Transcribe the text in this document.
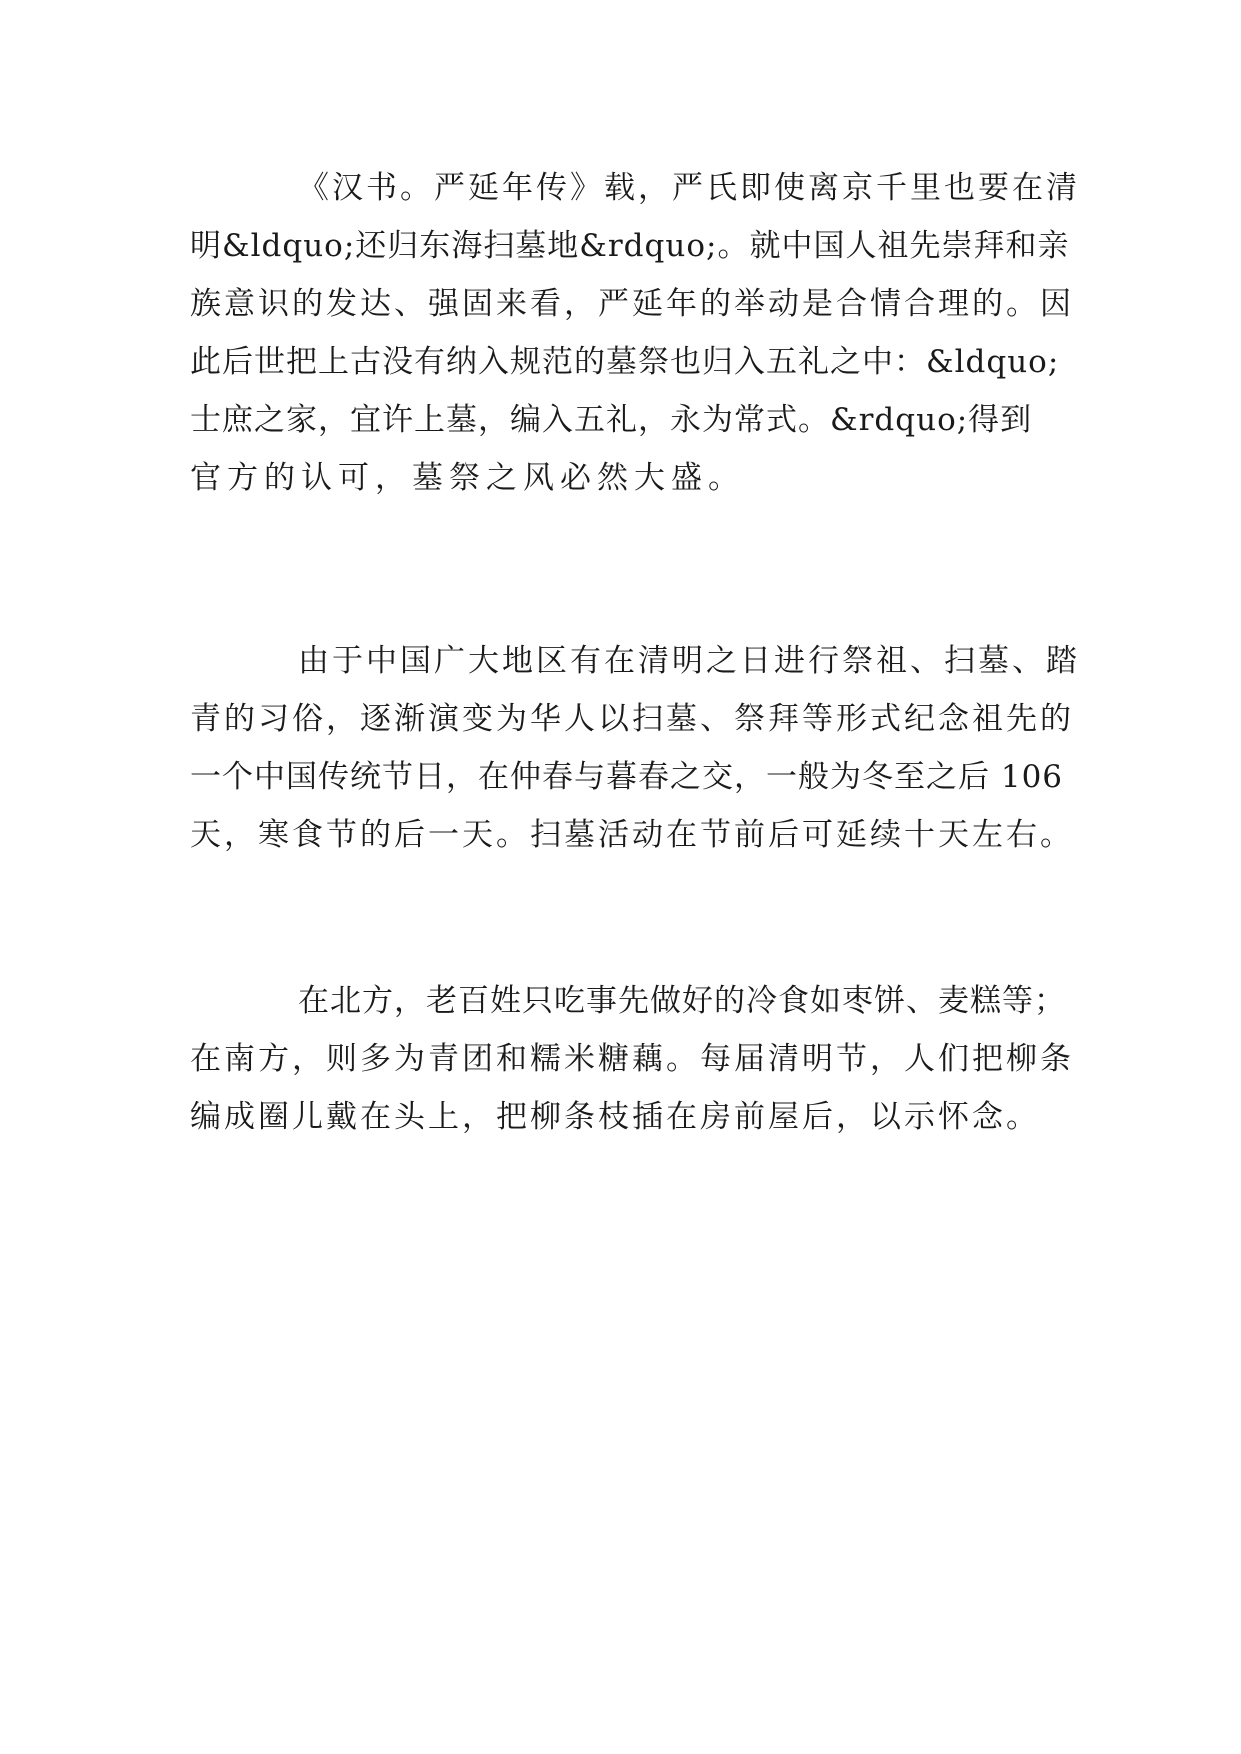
《汉书。严延年传》载，严氏即使离京千里也要在清
明&ldquo;还归东海扫墓地&rdquo;。就中国人祖先崇拜和亲
族意识的发达、强固来看，严延年的举动是合情合理的。因
此后世把上古没有纳入规范的墓祭也归入五礼之中：&ldquo;
士庶之家，宜许上墓，编入五礼，永为常式。&rdquo;得到
官方的认可，墓祭之风必然大盛。
由于中国广大地区有在清明之日进行祭祖、扫墓、踏
青的习俗，逐渐演变为华人以扫墓、祭拜等形式纪念祖先的
一个中国传统节日，在仲春与暮春之交，一般为冬至之后 106
天，寒食节的后一天。扫墓活动在节前后可延续十天左右。
在北方，老百姓只吃事先做好的冷食如枣饼、麦糕等；
在南方，则多为青团和糯米糖藕。每届清明节，人们把柳条
编成圈儿戴在头上，把柳条枝插在房前屋后，以示怀念。
